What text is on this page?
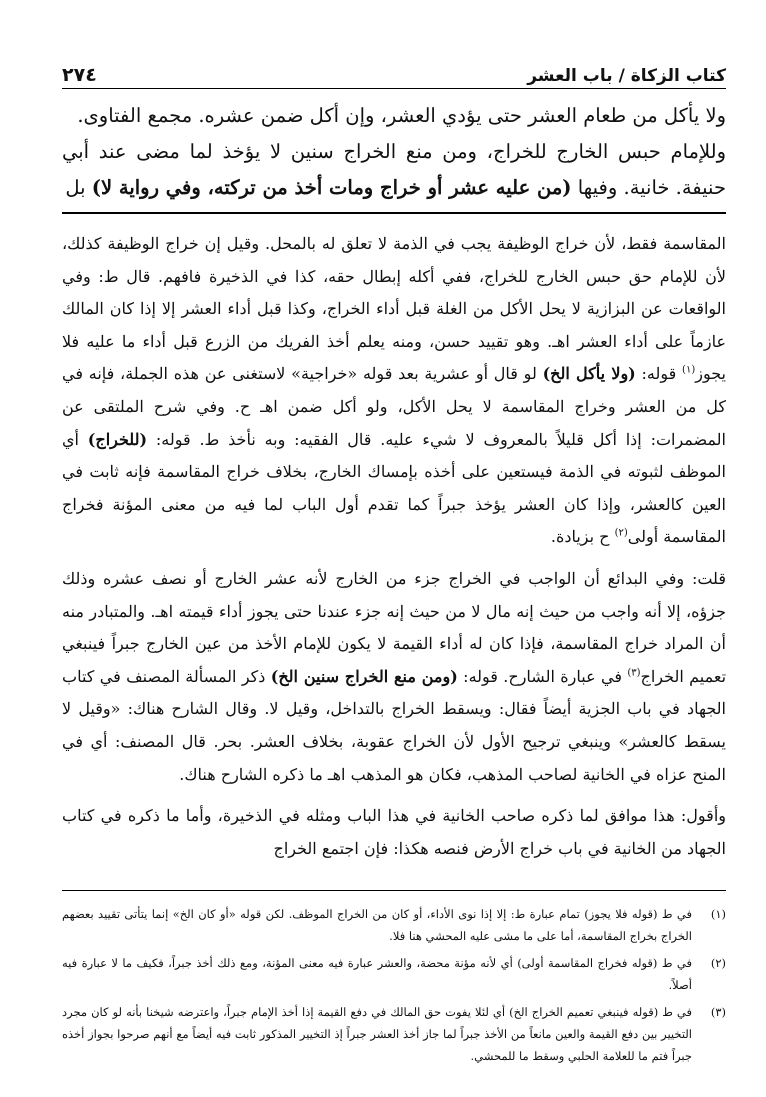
كتاب الزكاة / باب العشر
٢٧٤

ولا يأكل من طعام العشر حتى يؤدي العشر، وإن أكل ضمن عشره. مجمع الفتاوى.

وللإمام حبس الخارج للخراج، ومن منع الخراج سنين لا يؤخذ لما مضى عند أبي حنيفة. خانية. وفيها (من عليه عشر أو خراج ومات أخذ من تركته، وفي رواية لا) بل

المقاسمة فقط، لأن خراج الوظيفة يجب في الذمة لا تعلق له بالمحل. وقيل إن خراج الوظيفة كذلك، لأن للإمام حق حبس الخارج للخراج، ففي أكله إبطال حقه، كذا في الذخيرة فافهم. قال ط: وفي الواقعات عن البزازية لا يحل الأكل من الغلة قبل أداء الخراج، وكذا قبل أداء العشر إلا إذا كان المالك عازماً على أداء العشر اهـ. وهو تقييد حسن، ومنه يعلم أخذ الفريك من الزرع قبل أداء ما عليه فلا يجوز$^{(١)}$ قوله: (ولا يأكل الخ) لو قال أو عشرية بعد قوله «خراجية» لاستغنى عن هذه الجملة، فإنه في كل من العشر وخراج المقاسمة لا يحل الأكل، ولو أكل ضمن اهـ ح. وفي شرح الملتقى عن المضمرات: إذا أكل قليلاً بالمعروف لا شيء عليه. قال الفقيه: وبه نأخذ ط. قوله: (للخراج) أي الموظف لثبوته في الذمة فيستعين على أخذه بإمساك الخارج، بخلاف خراج المقاسمة فإنه ثابت في العين كالعشر، وإذا كان العشر يؤخذ جبراً كما تقدم أول الباب لما فيه من معنى المؤنة فخراج المقاسمة أولى$^{(٢)}$ ح بزيادة.

قلت: وفي البدائع أن الواجب في الخراج جزء من الخارج لأنه عشر الخارج أو نصف عشره وذلك جزؤه، إلا أنه واجب من حيث إنه مال لا من حيث إنه جزء عندنا حتى يجوز أداء قيمته اهـ. والمتبادر منه أن المراد خراج المقاسمة، فإذا كان له أداء القيمة لا يكون للإمام الأخذ من عين الخارج جبراً فينبغي تعميم الخراج$^{(٣)}$ في عبارة الشارح. قوله: (ومن منع الخراج سنين الخ) ذكر المسألة المصنف في كتاب الجهاد في باب الجزية أيضاً فقال: ويسقط الخراج بالتداخل، وقيل لا. وقال الشارح هناك: «وقيل لا يسقط كالعشر» وينبغي ترجيح الأول لأن الخراج عقوبة، بخلاف العشر. بحر. قال المصنف: أي في المنح عزاه في الخانية لصاحب المذهب، فكان هو المذهب اهـ ما ذكره الشارح هناك.

وأقول: هذا موافق لما ذكره صاحب الخانية في هذا الباب ومثله في الذخيرة، وأما ما ذكره في كتاب الجهاد من الخانية في باب خراج الأرض فنصه هكذا: فإن اجتمع الخراج

(١)
في ط (قوله فلا يجوز) تمام عبارة ط: إلا إذا نوى الأداء، أو كان من الخراج الموظف. لكن قوله «أو كان الخ» إنما يتأتى تقييد بعضهم الخراج بخراج المقاسمة، أما على ما مشى عليه المحشي هنا فلا.
(٢)
في ط (قوله فخراج المقاسمة أولى) أي لأنه مؤنة محضة، والعشر عبارة فيه معنى المؤنة، ومع ذلك أخذ جبراً، فكيف ما لا عبارة فيه أصلاً.
(٣)
في ط (قوله فينبغي تعميم الخراج الخ) أي لئلا يفوت حق المالك في دفع القيمة إذا أخذ الإمام جبراً، واعترضه شيخنا بأنه لو كان مجرد التخيير بين دفع القيمة والعين مانعاً من الأخذ جبراً لما جاز أخذ العشر جبراً إذ التخيير المذكور ثابت فيه أيضاً مع أنهم صرحوا بجواز أخذه جبراً فتم ما للعلامة الحلبي وسقط ما للمحشي.
